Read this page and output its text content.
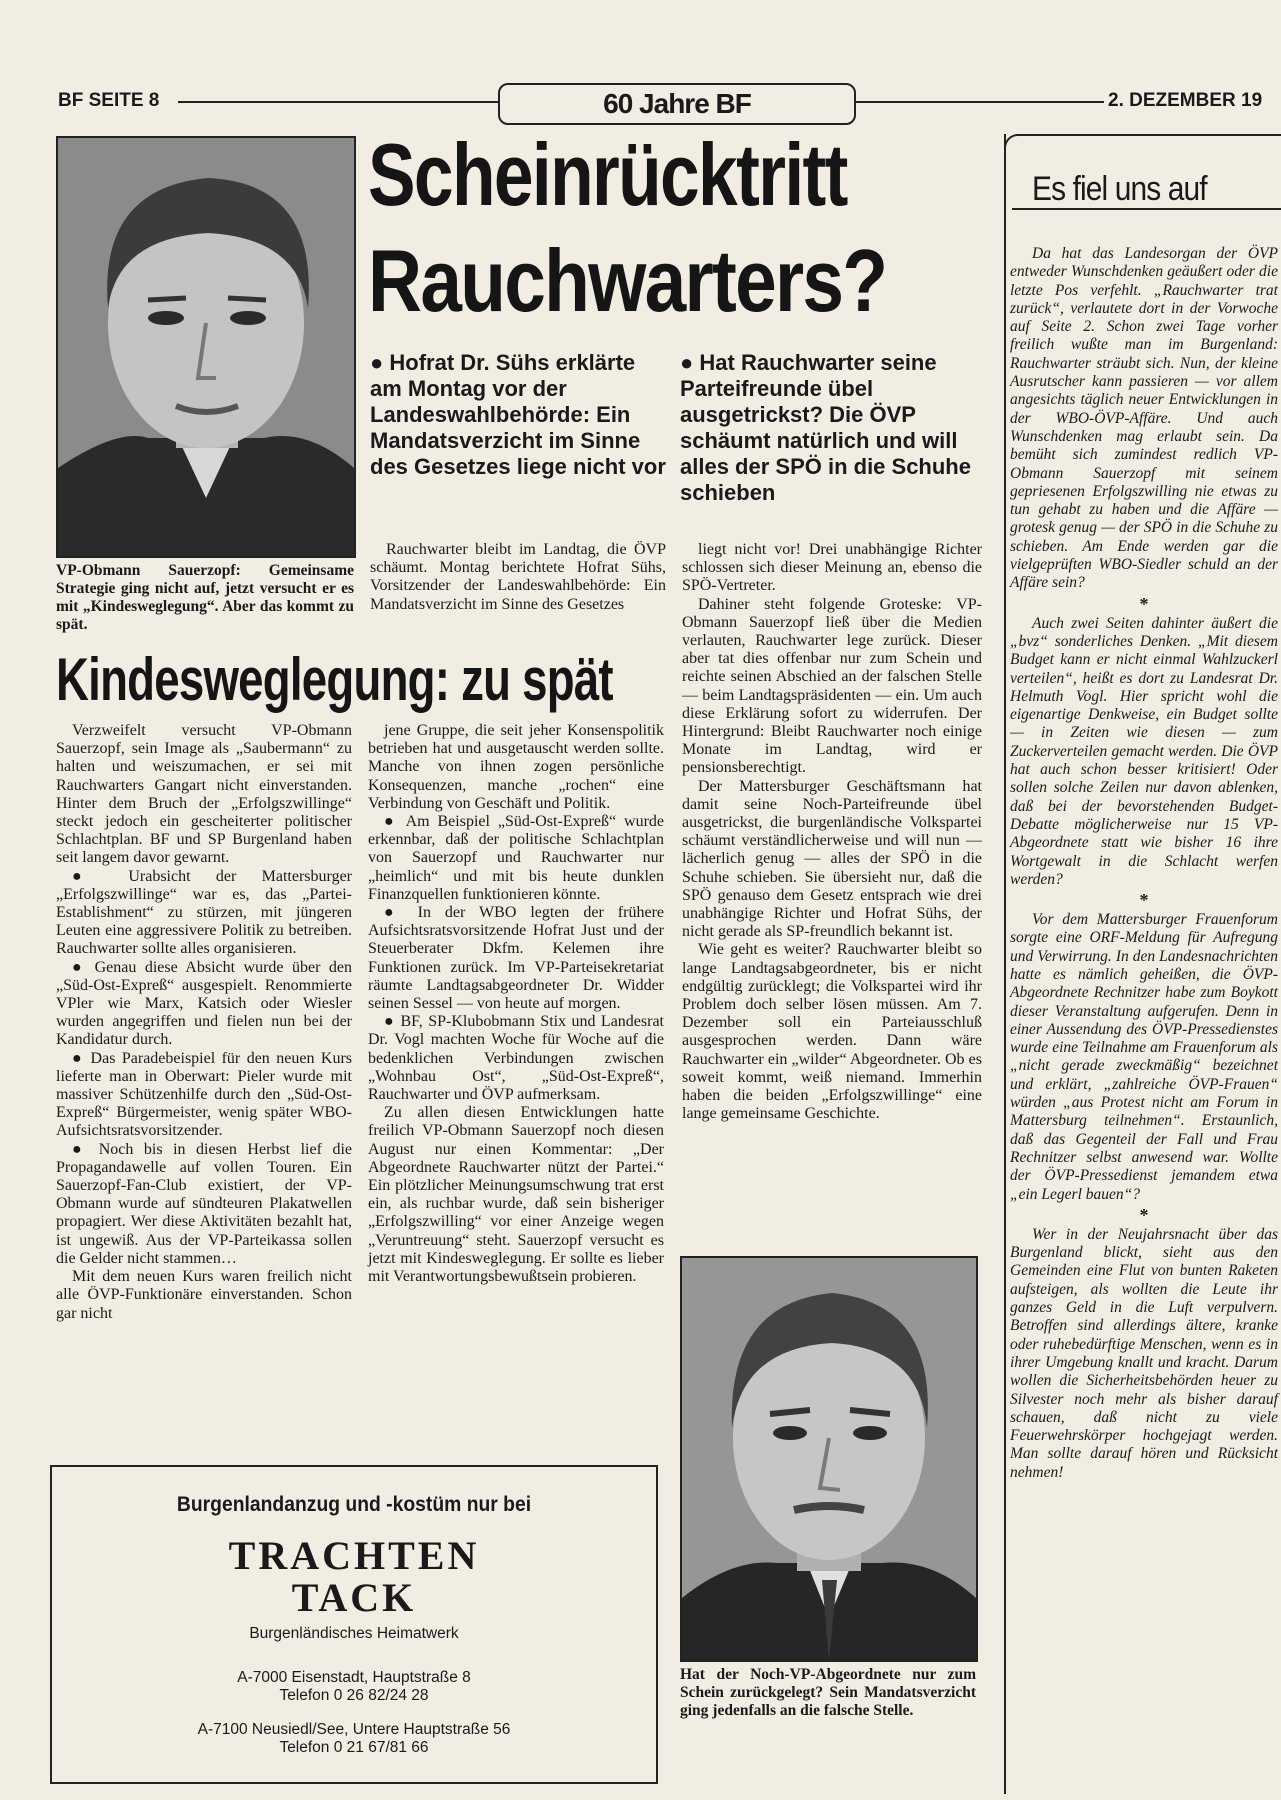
BF SEITE 8	60 Jahre BF	2. DEZEMBER 19
VP-Obmann Sauerzopf: Gemeinsame Strategie ging nicht auf, jetzt versucht er es mit „Kindesweglegung“. Aber das kommt zu spät.
Scheinrücktritt
Rauchwarters?
● Hofrat Dr. Sühs erklärte am Montag vor der Landeswahlbehörde: Ein Mandatsverzicht im Sinne des Gesetzes liege nicht vor
● Hat Rauchwarter seine Parteifreunde übel ausgetrickst? Die ÖVP schäumt natürlich und will alles der SPÖ in die Schuhe schieben

Rauchwarter bleibt im Landtag, die ÖVP schäumt. Montag berichtete Hofrat Sühs, Vorsitzender der Landeswahlbehörde: Ein Mandatsverzicht im Sinne des Gesetzes

liegt nicht vor! Drei unabhängige Richter schlossen sich dieser Meinung an, ebenso die SPÖ-Vertreter.

Dahiner steht folgende Groteske: VP-Obmann Sauerzopf ließ über die Medien verlauten, Rauchwarter lege zurück. Dieser aber tat dies offenbar nur zum Schein und reichte seinen Abschied an der falschen Stelle — beim Landtagspräsidenten — ein. Um auch diese Erklärung sofort zu widerrufen. Der Hintergrund: Bleibt Rauchwarter noch einige Monate im Landtag, wird er pensionsberechtigt.

Der Mattersburger Geschäftsmann hat damit seine Noch-Parteifreunde übel ausgetrickst, die burgenländische Volkspartei schäumt verständlicherweise und will nun — lächerlich genug — alles der SPÖ in die Schuhe schieben. Sie übersieht nur, daß die SPÖ genauso dem Gesetz entsprach wie drei unabhängige Richter und Hofrat Sühs, der nicht gerade als SP-freundlich bekannt ist.

Wie geht es weiter? Rauchwarter bleibt so lange Landtagsabgeordneter, bis er nicht endgültig zurücklegt; die Volkspartei wird ihr Problem doch selber lösen müssen. Am 7. Dezember soll ein Parteiausschluß ausgesprochen werden. Dann wäre Rauchwarter ein „wilder“ Abgeordneter. Ob es soweit kommt, weiß niemand. Immerhin haben die beiden „Erfolgszwillinge“ eine lange gemeinsame Geschichte.

Kindesweglegung: zu spät

Verzweifelt versucht VP-Obmann Sauerzopf, sein Image als „Saubermann“ zu halten und weiszumachen, er sei mit Rauchwarters Gangart nicht einverstanden. Hinter dem Bruch der „Erfolgszwillinge“ steckt jedoch ein gescheiterter politischer Schlachtplan. BF und SP Burgenland haben seit langem davor gewarnt.

● Urabsicht der Mattersburger „Erfolgszwillinge“ war es, das „Partei-Establishment“ zu stürzen, mit jüngeren Leuten eine aggressivere Politik zu betreiben. Rauchwarter sollte alles organisieren.

● Genau diese Absicht wurde über den „Süd-Ost-Expreß“ ausgespielt. Renommierte VPler wie Marx, Katsich oder Wiesler wurden angegriffen und fielen nun bei der Kandidatur durch.

● Das Paradebeispiel für den neuen Kurs lieferte man in Oberwart: Pieler wurde mit massiver Schützenhilfe durch den „Süd-Ost-Expreß“ Bürgermeister, wenig später WBO-Aufsichtsratsvorsitzender.

● Noch bis in diesen Herbst lief die Propagandawelle auf vollen Touren. Ein Sauerzopf-Fan-Club existiert, der VP-Obmann wurde auf sündteuren Plakatwellen propagiert. Wer diese Aktivitäten bezahlt hat, ist ungewiß. Aus der VP-Parteikassa sollen die Gelder nicht stammen…

Mit dem neuen Kurs waren freilich nicht alle ÖVP-Funktionäre einverstanden. Schon gar nicht

jene Gruppe, die seit jeher Konsenspolitik betrieben hat und ausgetauscht werden sollte. Manche von ihnen zogen persönliche Konsequenzen, manche „rochen“ eine Verbindung von Geschäft und Politik.

● Am Beispiel „Süd-Ost-Expreß“ wurde erkennbar, daß der politische Schlachtplan von Sauerzopf und Rauchwarter nur „heimlich“ und mit bis heute dunklen Finanzquellen funktionieren könnte.

● In der WBO legten der frühere Aufsichtsratsvorsitzende Hofrat Just und der Steuerberater Dkfm. Kelemen ihre Funktionen zurück. Im VP-Parteisekretariat räumte Landtagsabgeordneter Dr. Widder seinen Sessel — von heute auf morgen.

● BF, SP-Klubobmann Stix und Landesrat Dr. Vogl machten Woche für Woche auf die bedenklichen Verbindungen zwischen „Wohnbau Ost“, „Süd-Ost-Expreß“, Rauchwarter und ÖVP aufmerksam.

Zu allen diesen Entwicklungen hatte freilich VP-Obmann Sauerzopf noch diesen August nur einen Kommentar: „Der Abgeordnete Rauchwarter nützt der Partei.“ Ein plötzlicher Meinungsumschwung trat erst ein, als ruchbar wurde, daß sein bisheriger „Erfolgszwilling“ vor einer Anzeige wegen „Veruntreuung“ steht. Sauerzopf versucht es jetzt mit Kindesweglegung. Er sollte es lieber mit Verantwortungsbewußtsein probieren.

Burgenlandanzug und -kostüm nur bei
TRACHTEN
TACK
Burgenländisches Heimatwerk
A-7000 Eisenstadt, Hauptstraße 8
Telefon 0 26 82/24 28
A-7100 Neusiedl/See, Untere Hauptstraße 56
Telefon 0 21 67/81 66
Hat der Noch-VP-Abgeordnete nur zum Schein zurückgelegt? Sein Mandatsverzicht ging jedenfalls an die falsche Stelle.
Es fiel uns auf

Da hat das Landesorgan der ÖVP entweder Wunschdenken geäußert oder die letzte Pos verfehlt. „Rauchwarter trat zurück“, verlautete dort in der Vorwoche auf Seite 2. Schon zwei Tage vorher freilich wußte man im Burgenland: Rauchwarter sträubt sich. Nun, der kleine Ausrutscher kann passieren — vor allem angesichts täglich neuer Entwicklungen in der WBO-ÖVP-Affäre. Und auch Wunschdenken mag erlaubt sein. Da bemüht sich zumindest redlich VP-Obmann Sauerzopf mit seinem gepriesenen Erfolgszwilling nie etwas zu tun gehabt zu haben und die Affäre — grotesk genug — der SPÖ in die Schuhe zu schieben. Am Ende werden gar die vielgeprüften WBO-Siedler schuld an der Affäre sein?

*

Auch zwei Seiten dahinter äußert die „bvz“ sonderliches Denken. „Mit diesem Budget kann er nicht einmal Wahlzuckerl verteilen“, heißt es dort zu Landesrat Dr. Helmuth Vogl. Hier spricht wohl die eigenartige Denkweise, ein Budget sollte — in Zeiten wie diesen — zum Zuckerverteilen gemacht werden. Die ÖVP hat auch schon besser kritisiert! Oder sollen solche Zeilen nur davon ablenken, daß bei der bevorstehenden Budget-Debatte möglicherweise nur 15 VP-Abgeordnete statt wie bisher 16 ihre Wortgewalt in die Schlacht werfen werden?

*

Vor dem Mattersburger Frauenforum sorgte eine ORF-Meldung für Aufregung und Verwirrung. In den Landesnachrichten hatte es nämlich geheißen, die ÖVP-Abgeordnete Rechnitzer habe zum Boykott dieser Veranstaltung aufgerufen. Denn in einer Aussendung des ÖVP-Pressedienstes wurde eine Teilnahme am Frauenforum als „nicht gerade zweckmäßig“ bezeichnet und erklärt, „zahlreiche ÖVP-Frauen“ würden „aus Protest nicht am Forum in Mattersburg teilnehmen“. Erstaunlich, daß das Gegenteil der Fall und Frau Rechnitzer selbst anwesend war. Wollte der ÖVP-Pressedienst jemandem etwa „ein Legerl bauen“?

*

Wer in der Neujahrsnacht über das Burgenland blickt, sieht aus den Gemeinden eine Flut von bunten Raketen aufsteigen, als wollten die Leute ihr ganzes Geld in die Luft verpulvern. Betroffen sind allerdings ältere, kranke oder ruhebedürftige Menschen, wenn es in ihrer Umgebung knallt und kracht. Darum wollen die Sicherheitsbehörden heuer zu Silvester noch mehr als bisher darauf schauen, daß nicht zu viele Feuerwehrskörper hochgejagt werden. Man sollte darauf hören und Rücksicht nehmen!
